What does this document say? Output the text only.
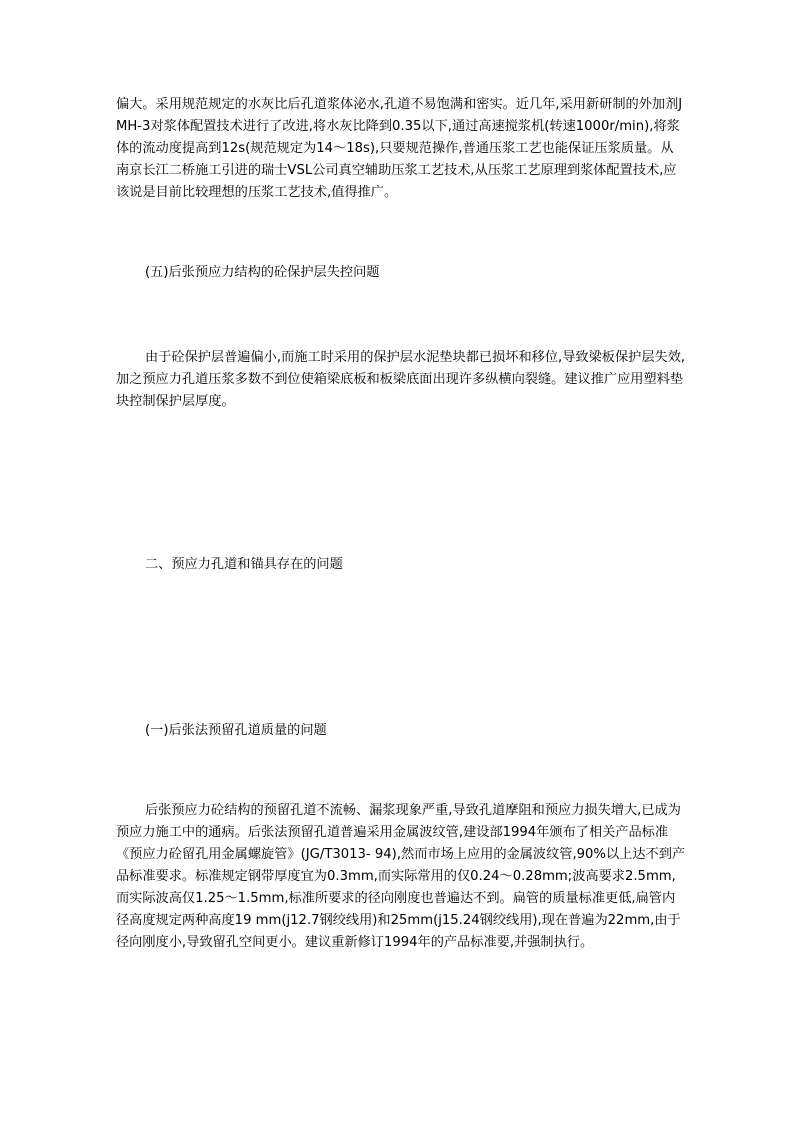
偏大。采用规范规定的水灰比后孔道浆体泌水,孔道不易饱满和密实。近几年,采用新研制的外加剂JMH-3对浆体配置技术进行了改进,将水灰比降到0.35以下,通过高速搅浆机(转速1000r/min),将浆体的流动度提高到12s(规范规定为14～18s),只要规范操作,普通压浆工艺也能保证压浆质量。从南京长江二桥施工引进的瑞士VSL公司真空辅助压浆工艺技术,从压浆工艺原理到浆体配置技术,应该说是目前比较理想的压浆工艺技术,值得推广。

(五)后张预应力结构的砼保护层失控问题

由于砼保护层普遍偏小,而施工时采用的保护层水泥垫块都已损坏和移位,导致梁板保护层失效,加之预应力孔道压浆多数不到位使箱梁底板和板梁底面出现许多纵横向裂缝。建议推广应用塑料垫块控制保护层厚度。

二、预应力孔道和锚具存在的问题

(一)后张法预留孔道质量的问题

后张预应力砼结构的预留孔道不流畅、漏浆现象严重,导致孔道摩阻和预应力损失增大,已成为预应力施工中的通病。后张法预留孔道普遍采用金属波纹管,建设部1994年颁布了相关产品标准《预应力砼留孔用金属螺旋管》(JG/T3013- 94),然而市场上应用的金属波纹管,90%以上达不到产品标准要求。标准规定钢带厚度宜为0.3mm,而实际常用的仅0.24～0.28mm;波高要求2.5mm,而实际波高仅1.25～1.5mm,标准所要求的径向刚度也普遍达不到。扁管的质量标准更低,扁管内径高度规定两种高度19 mm(j12.7钢绞线用)和25mm(j15.24钢绞线用),现在普遍为22mm,由于径向刚度小,导致留孔空间更小。建议重新修订1994年的产品标准要,并强制执行。
